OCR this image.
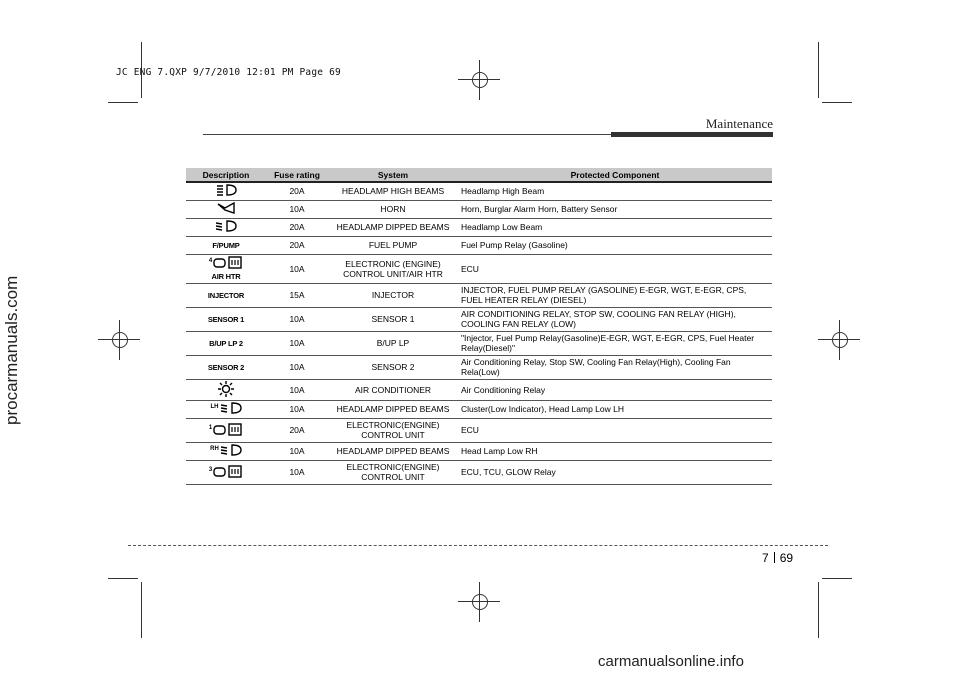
JC ENG 7.QXP 9/7/2010 12:01 PM Page 69
Maintenance
procarmanuals.com
Description	Fuse rating	System	Protected Component
	20A	HEADLAMP HIGH BEAMS	Headlamp High Beam
	10A	HORN	Horn, Burglar Alarm Horn, Battery Sensor
	20A	HEADLAMP DIPPED BEAMS	Headlamp Low Beam
F/PUMP	20A	FUEL PUMP	Fuel Pump Relay (Gasoline)
$^4$
AIR HTR	10A	ELECTRONIC (ENGINE) CONTROL UNIT/AIR HTR	ECU
INJECTOR	15A	INJECTOR	INJECTOR, FUEL PUMP RELAY (GASOLINE) E-EGR, WGT, E-EGR, CPS, FUEL HEATER RELAY (DIESEL)
SENSOR 1	10A	SENSOR 1	AIR CONDITIONING RELAY, STOP SW, COOLING FAN RELAY (HIGH), COOLING FAN RELAY (LOW)
B/UP LP 2	10A	B/UP LP	"Injector, Fuel Pump Relay(Gasoline)E-EGR, WGT, E-EGR, CPS, Fuel Heater Relay(Diesel)"
SENSOR 2	10A	SENSOR 2	Air Conditioning Relay, Stop SW, Cooling Fan Relay(High), Cooling Fan Rela(Low)
	10A	AIR CONDITIONER	Air Conditioning Relay
$^{LH}$	10A	HEADLAMP DIPPED BEAMS	Cluster(Low Indicator), Head Lamp Low LH
$^1$	20A	ELECTRONIC(ENGINE) CONTROL UNIT	ECU
$^{RH}$	10A	HEADLAMP DIPPED BEAMS	Head Lamp Low RH
$^3$	10A	ELECTRONIC(ENGINE) CONTROL UNIT	ECU, TCU, GLOW Relay
7 69
carmanualsonline.info
